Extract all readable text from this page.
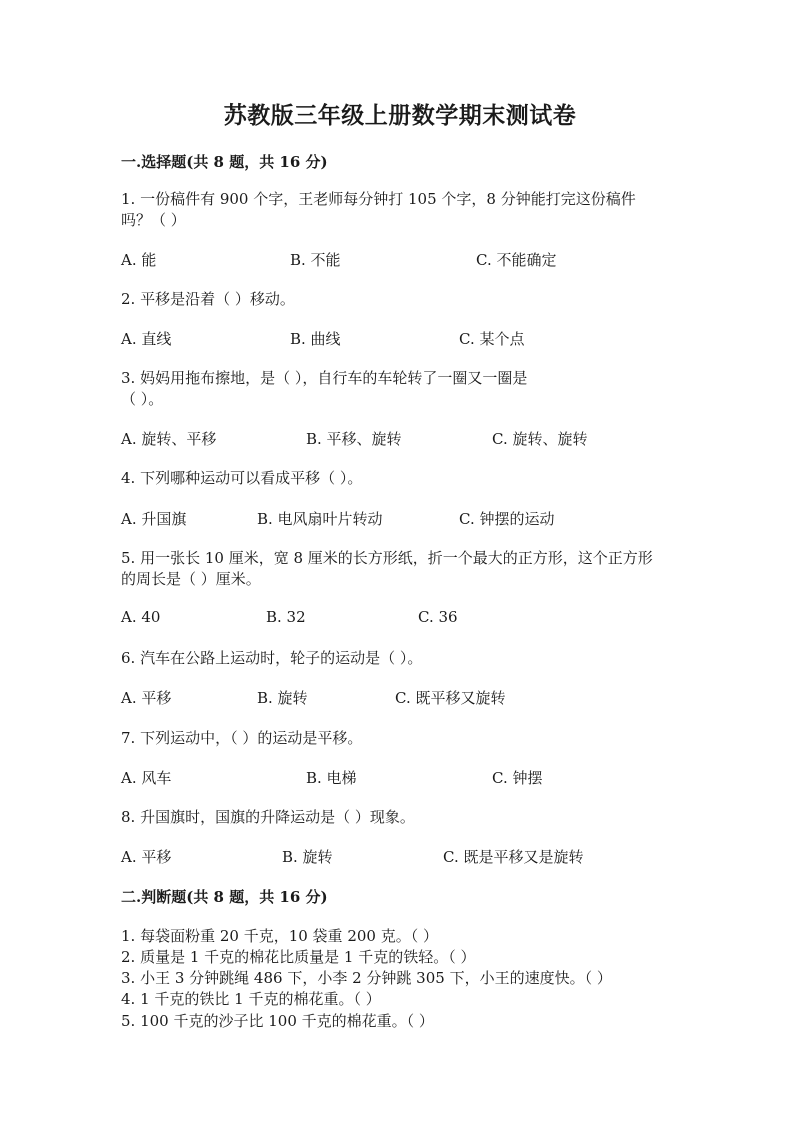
苏教版三年级上册数学期末测试卷
一.选择题(共 8 题，共 16 分)
1. 一份稿件有 900 个字，王老师每分钟打 105 个字，8 分钟能打完这份稿件
吗？（ ）
A. 能	B. 不能	C. 不能确定
2. 平移是沿着（ ）移动。
A. 直线	B. 曲线	C. 某个点
3. 妈妈用拖布擦地，是（ ），自行车的车轮转了一圈又一圈是
（ ）。
A. 旋转、平移	B. 平移、旋转	C. 旋转、旋转
4. 下列哪种运动可以看成平移（ ）。
A. 升国旗	B. 电风扇叶片转动	C. 钟摆的运动
5. 用一张长 10 厘米，宽 8 厘米的长方形纸，折一个最大的正方形，这个正方形
的周长是（ ）厘米。
A. 40	B. 32	C. 36
6. 汽车在公路上运动时，轮子的运动是（ ）。
A. 平移	B. 旋转	C. 既平移又旋转
7. 下列运动中，（ ）的运动是平移。
A. 风车	B. 电梯	C. 钟摆
8. 升国旗时，国旗的升降运动是（ ）现象。
A. 平移	B. 旋转	C. 既是平移又是旋转
二.判断题(共 8 题，共 16 分)
1. 每袋面粉重 20 千克，10 袋重 200 克。（ ）
2. 质量是 1 千克的棉花比质量是 1 千克的铁轻。（ ）
3. 小王 3 分钟跳绳 486 下，小李 2 分钟跳 305 下，小王的速度快。（ ）
4. 1 千克的铁比 1 千克的棉花重。（ ）
5. 100 千克的沙子比 100 千克的棉花重。（ ）
